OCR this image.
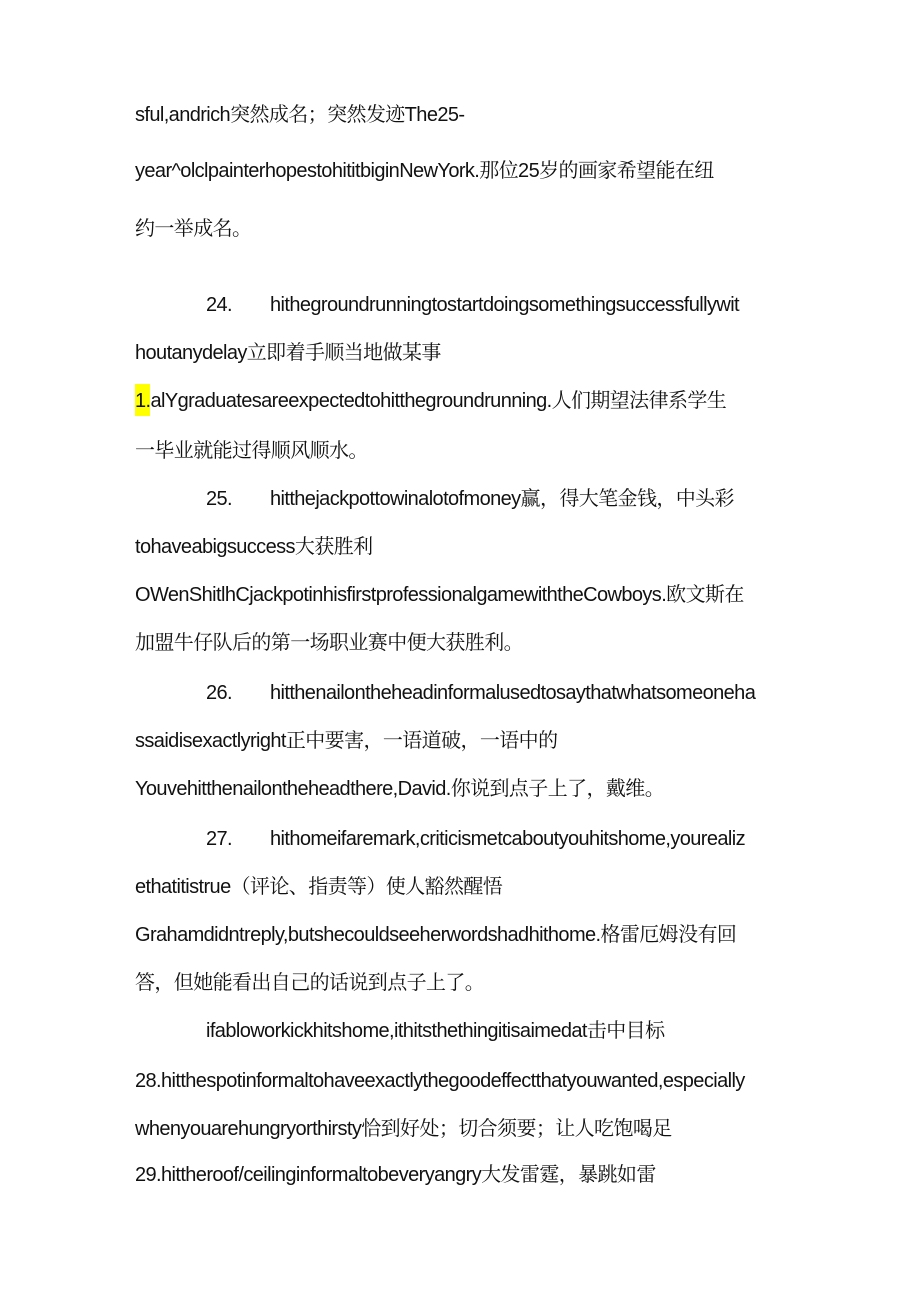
sful,andrich突然成名；突然发迹The25-
year^olclpainterhopestohititbiginNewYork.那位25岁的画家希望能在纽
约一举成名。
24. hithegroundrunningtostartdoingsomethingsuccessfullywit
houtanydelay立即着手顺当地做某事
1.alYgraduatesareexpectedtohitthegroundrunning.人们期望法律系学生
一毕业就能过得顺风顺水。
25. hitthejackpottowinalotofmoney赢，得大笔金钱，中头彩
tohaveabigsuccess大获胜利
OWenShitlhCjackpotinhisfirstprofessionalgamewiththeCowboys.欧文斯在
加盟牛仔队后的第一场职业赛中便大获胜利。
26. hitthenailontheheadinformalusedtosaythatwhatsomeoneha
ssaidisexactlyright正中要害，一语道破，一语中的
Youvehitthenailontheheadthere,David.你说到点子上了，戴维。
27. hithomeifaremark,criticismetcaboutyouhitshome,yourealiz
ethatitistrue（评论、指责等）使人豁然醒悟
Grahamdidntreply,butshecouldseeherwordshadhithome.格雷厄姆没有回
答，但她能看出自己的话说到点子上了。
ifabloworkickhitshome,ithitsthethingitisaimedat击中目标
28.hitthespotinformaltohaveexactlythegoodeffectthatyouwanted,especially
whenyouarehungryorthirsty恰到好处；切合须要；让人吃饱喝足
29.hittheroof/ceilinginformaltobeveryangry大发雷霆，暴跳如雷
